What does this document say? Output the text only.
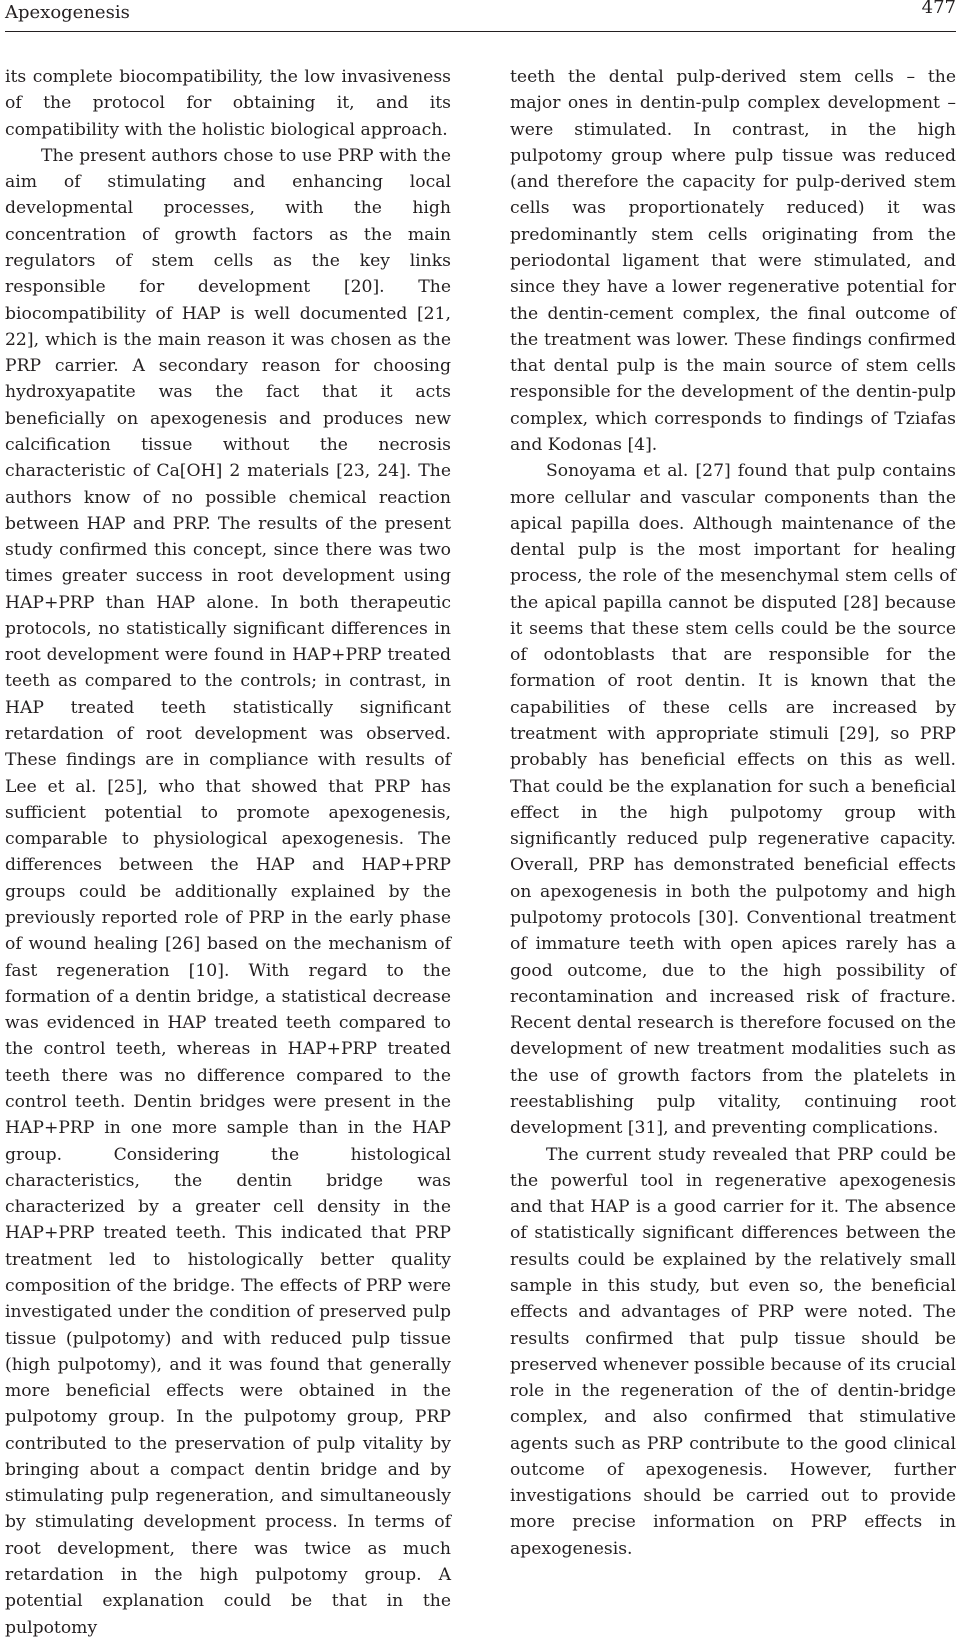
Apexogenesis	477

its complete biocompatibility, the low invasiveness of the protocol for obtaining it, and its compatibility with the holistic biological approach.

The present authors chose to use PRP with the aim of stimulating and enhancing local developmental processes, with the high concentration of growth factors as the main regulators of stem cells as the key links responsible for development [20]. The biocompatibility of HAP is well documented [21, 22], which is the main reason it was chosen as the PRP carrier. A secondary reason for choosing hydroxyapatite was the fact that it acts beneficially on apexogenesis and produces new calcification tissue without the necrosis characteristic of Ca[OH] 2 materials [23, 24]. The authors know of no possible chemical reaction between HAP and PRP. The results of the present study confirmed this concept, since there was two times greater success in root development using HAP+PRP than HAP alone. In both therapeutic protocols, no statistically significant differences in root development were found in HAP+PRP treated teeth as compared to the controls; in contrast, in HAP treated teeth statistically significant retardation of root development was observed. These findings are in compliance with results of Lee et al. [25], who that showed that PRP has sufficient potential to promote apexogenesis, comparable to physiological apexogenesis. The differences between the HAP and HAP+PRP groups could be additionally explained by the previously reported role of PRP in the early phase of wound healing [26] based on the mechanism of fast regeneration [10]. With regard to the formation of a dentin bridge, a statistical decrease was evidenced in HAP treated teeth compared to the control teeth, whereas in HAP+PRP treated teeth there was no difference compared to the control teeth. Dentin bridges were present in the HAP+PRP in one more sample than in the HAP group. Considering the histological characteristics, the dentin bridge was characterized by a greater cell density in the HAP+PRP treated teeth. This indicated that PRP treatment led to histologically better quality composition of the bridge. The effects of PRP were investigated under the condition of preserved pulp tissue (pulpotomy) and with reduced pulp tissue (high pulpotomy), and it was found that generally more beneficial effects were obtained in the pulpotomy group. In the pulpotomy group, PRP contributed to the preservation of pulp vitality by bringing about a compact dentin bridge and by stimulating pulp regeneration, and simultaneously by stimulating development process. In terms of root development, there was twice as much retardation in the high pulpotomy group. A potential explanation could be that in the pulpotomy

teeth the dental pulp-derived stem cells – the major ones in dentin-pulp complex development – were stimulated. In contrast, in the high pulpotomy group where pulp tissue was reduced (and therefore the capacity for pulp-derived stem cells was proportionately reduced) it was predominantly stem cells originating from the periodontal ligament that were stimulated, and since they have a lower regenerative potential for the dentin-cement complex, the final outcome of the treatment was lower. These findings confirmed that dental pulp is the main source of stem cells responsible for the development of the dentin-pulp complex, which corresponds to findings of Tziafas and Kodonas [4].

Sonoyama et al. [27] found that pulp contains more cellular and vascular components than the apical papilla does. Although maintenance of the dental pulp is the most important for healing process, the role of the mesenchymal stem cells of the apical papilla cannot be disputed [28] because it seems that these stem cells could be the source of odontoblasts that are responsible for the formation of root dentin. It is known that the capabilities of these cells are increased by treatment with appropriate stimuli [29], so PRP probably has beneficial effects on this as well. That could be the explanation for such a beneficial effect in the high pulpotomy group with significantly reduced pulp regenerative capacity. Overall, PRP has demonstrated beneficial effects on apexogenesis in both the pulpotomy and high pulpotomy protocols [30]. Conventional treatment of immature teeth with open apices rarely has a good outcome, due to the high possibility of recontamination and increased risk of fracture. Recent dental research is therefore focused on the development of new treatment modalities such as the use of growth factors from the platelets in reestablishing pulp vitality, continuing root development [31], and preventing complications.

The current study revealed that PRP could be the powerful tool in regenerative apexogenesis and that HAP is a good carrier for it. The absence of statistically significant differences between the results could be explained by the relatively small sample in this study, but even so, the beneficial effects and advantages of PRP were noted. The results confirmed that pulp tissue should be preserved whenever possible because of its crucial role in the regeneration of the of dentin-bridge complex, and also confirmed that stimulative agents such as PRP contribute to the good clinical outcome of apexogenesis. However, further investigations should be carried out to provide more precise information on PRP effects in apexogenesis.
